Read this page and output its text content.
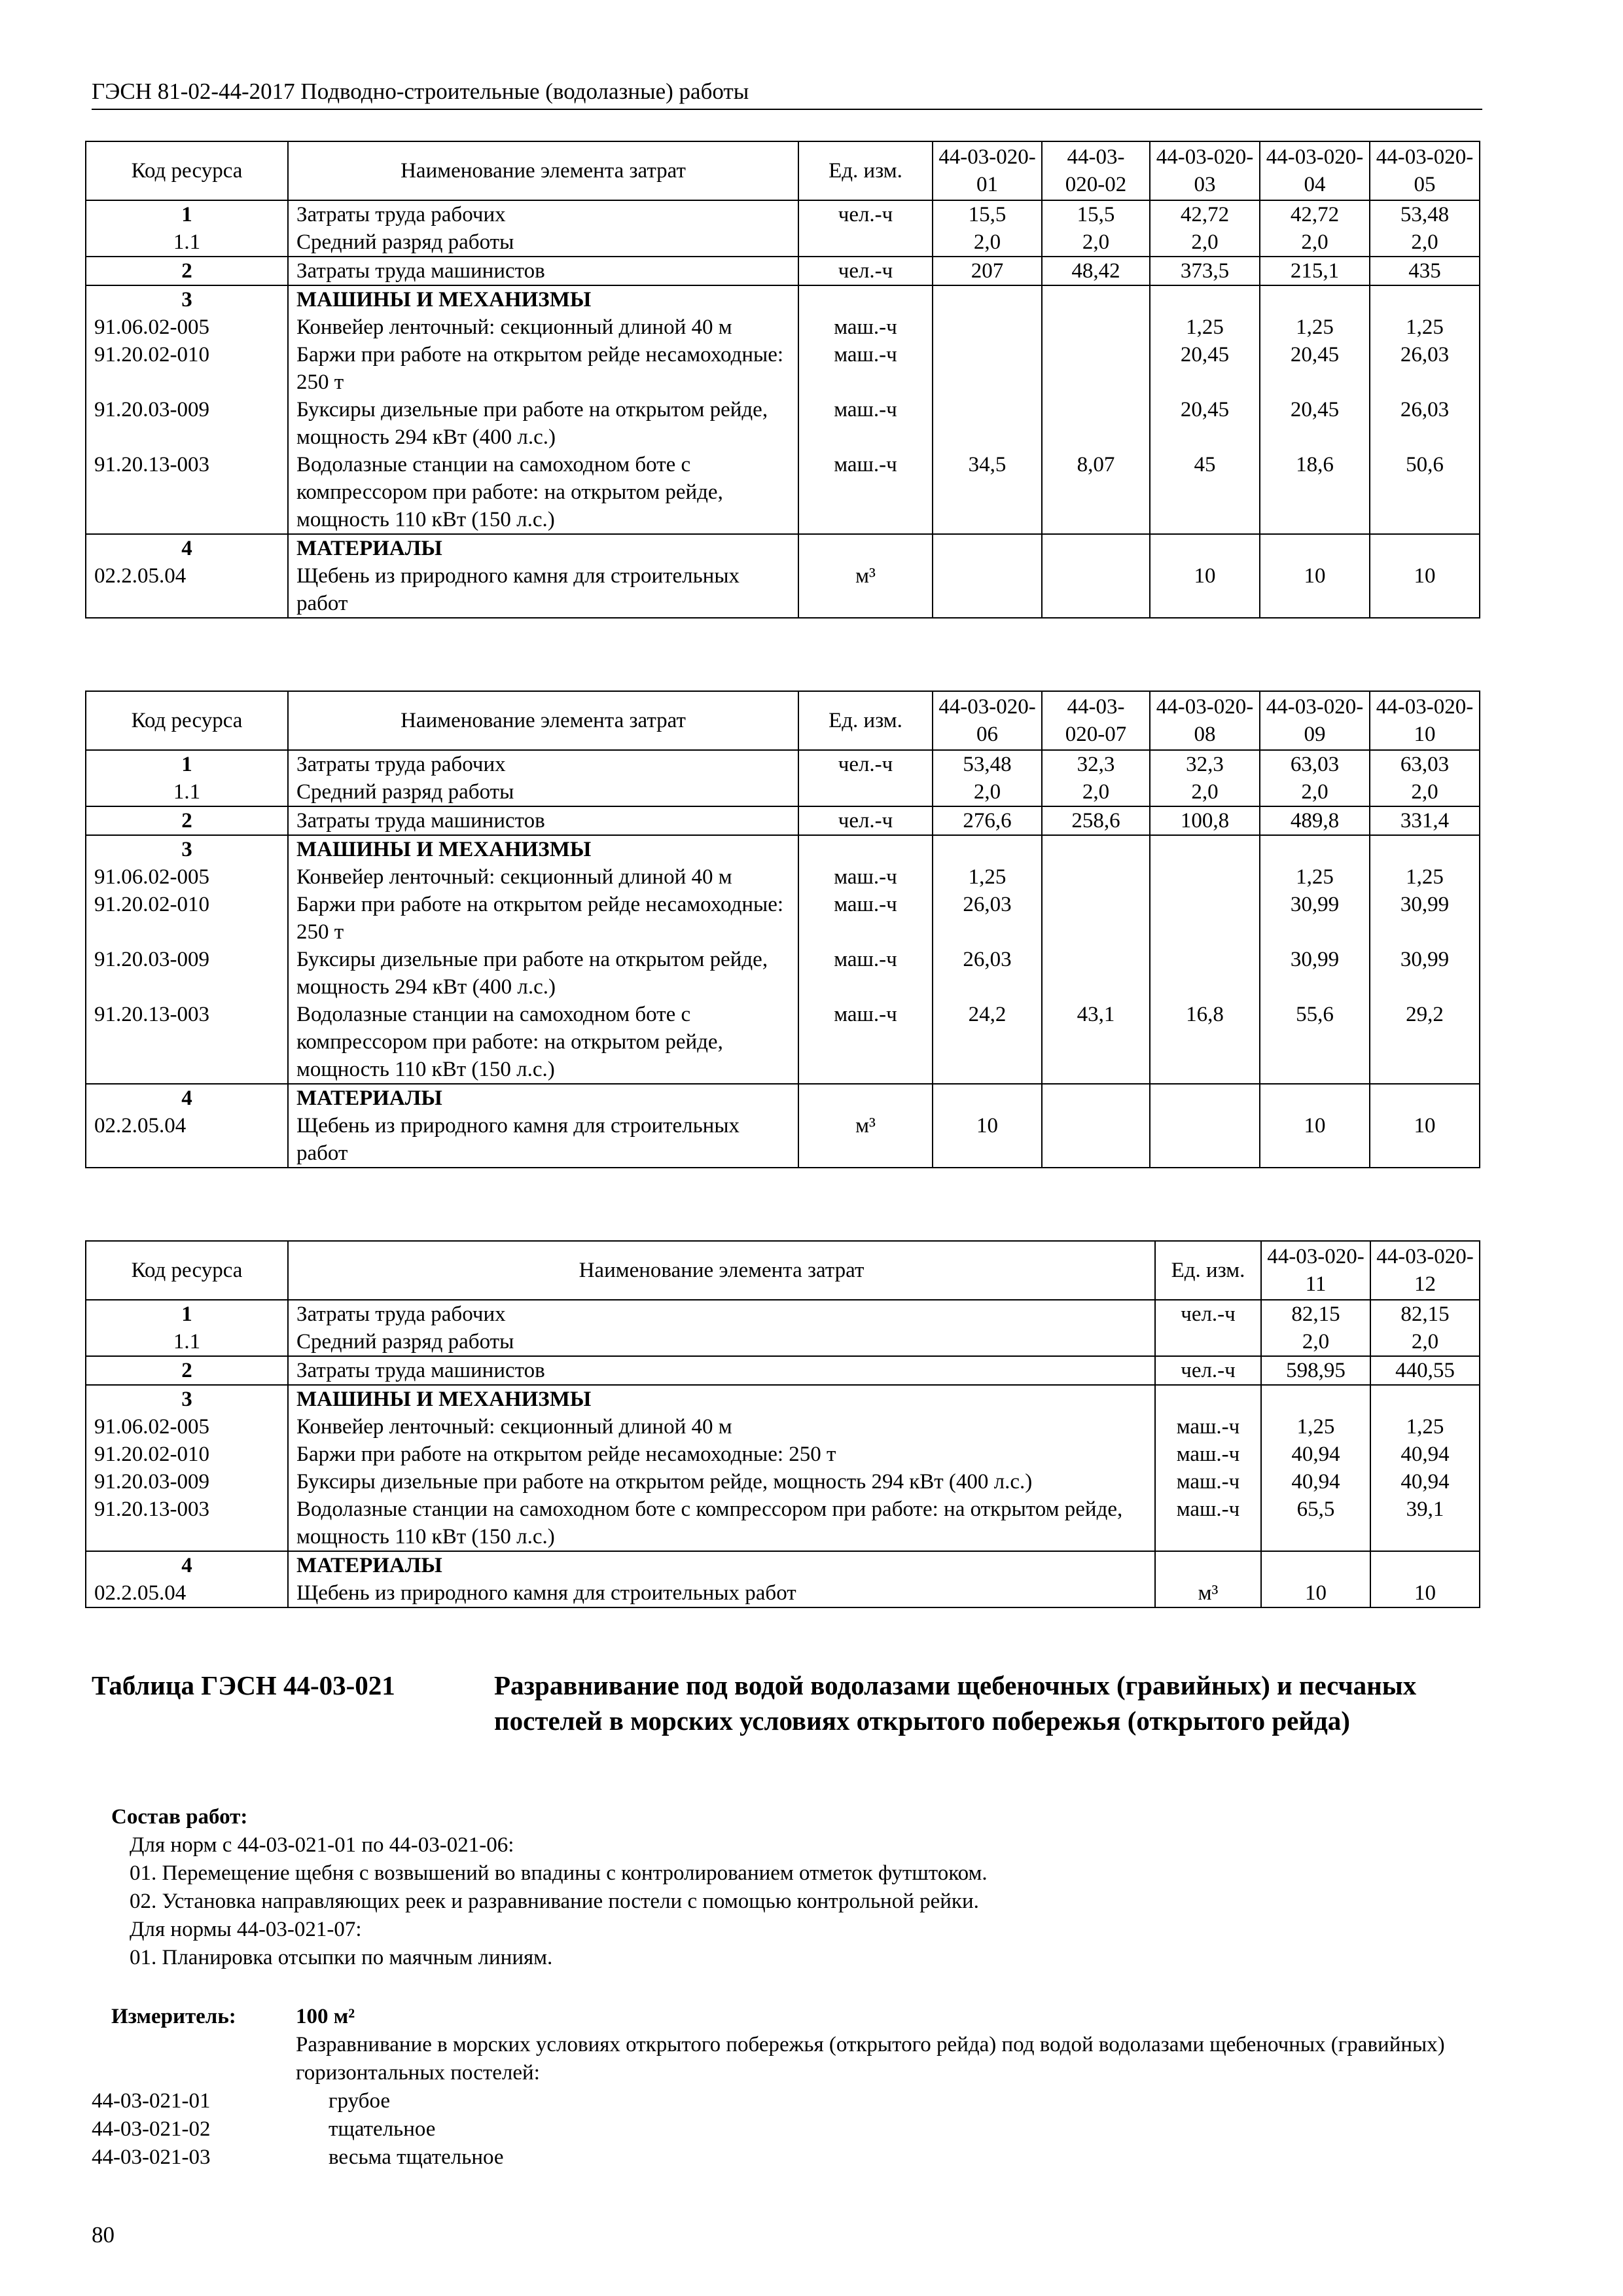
ГЭСН 81-02-44-2017 Подводно-строительные (водолазные) работы
Код ресурса	Наименование элемента затрат	Ед. изм.	44-03-020-01	44-03-020-02	44-03-020-03	44-03-020-04	44-03-020-05
1	Затраты труда рабочих	чел.-ч	15,5	15,5	42,72	42,72	53,48
1.1	Средний разряд работы		2,0	2,0	2,0	2,0	2,0
2	Затраты труда машинистов	чел.-ч	207	48,42	373,5	215,1	435
3	МАШИНЫ И МЕХАНИЗМЫ						
91.06.02-005	Конвейер ленточный: секционный длиной 40 м	маш.-ч			1,25	1,25	1,25
91.20.02-010	Баржи при работе на открытом рейде несамоходные: 250 т	маш.-ч			20,45	20,45	26,03
91.20.03-009	Буксиры дизельные при работе на открытом рейде, мощность 294 кВт (400 л.с.)	маш.-ч			20,45	20,45	26,03
91.20.13-003	Водолазные станции на самоходном боте с компрессором при работе: на открытом рейде, мощность 110 кВт (150 л.с.)	маш.-ч	34,5	8,07	45	18,6	50,6
4	МАТЕРИАЛЫ						
02.2.05.04	Щебень из природного камня для строительных работ	м³			10	10	10
Код ресурса	Наименование элемента затрат	Ед. изм.	44-03-020-06	44-03-020-07	44-03-020-08	44-03-020-09	44-03-020-10
1	Затраты труда рабочих	чел.-ч	53,48	32,3	32,3	63,03	63,03
1.1	Средний разряд работы		2,0	2,0	2,0	2,0	2,0
2	Затраты труда машинистов	чел.-ч	276,6	258,6	100,8	489,8	331,4
3	МАШИНЫ И МЕХАНИЗМЫ						
91.06.02-005	Конвейер ленточный: секционный длиной 40 м	маш.-ч	1,25			1,25	1,25
91.20.02-010	Баржи при работе на открытом рейде несамоходные: 250 т	маш.-ч	26,03			30,99	30,99
91.20.03-009	Буксиры дизельные при работе на открытом рейде, мощность 294 кВт (400 л.с.)	маш.-ч	26,03			30,99	30,99
91.20.13-003	Водолазные станции на самоходном боте с компрессором при работе: на открытом рейде, мощность 110 кВт (150 л.с.)	маш.-ч	24,2	43,1	16,8	55,6	29,2
4	МАТЕРИАЛЫ						
02.2.05.04	Щебень из природного камня для строительных работ	м³	10			10	10
Код ресурса	Наименование элемента затрат	Ед. изм.	44-03-020-11	44-03-020-12
1	Затраты труда рабочих	чел.-ч	82,15	82,15
1.1	Средний разряд работы		2,0	2,0
2	Затраты труда машинистов	чел.-ч	598,95	440,55
3	МАШИНЫ И МЕХАНИЗМЫ			
91.06.02-005	Конвейер ленточный: секционный длиной 40 м	маш.-ч	1,25	1,25
91.20.02-010	Баржи при работе на открытом рейде несамоходные: 250 т	маш.-ч	40,94	40,94
91.20.03-009	Буксиры дизельные при работе на открытом рейде, мощность 294 кВт (400 л.с.)	маш.-ч	40,94	40,94
91.20.13-003	Водолазные станции на самоходном боте с компрессором при работе: на открытом рейде, мощность 110 кВт (150 л.с.)	маш.-ч	65,5	39,1
4	МАТЕРИАЛЫ			
02.2.05.04	Щебень из природного камня для строительных работ	м³	10	10
Таблица ГЭСН 44-03-021	Разравнивание под водой водолазами щебеночных (гравийных) и песчаных постелей в морских условиях открытого побережья (открытого рейда)
Состав работ:
Для норм с 44-03-021-01 по 44-03-021-06:
01. Перемещение щебня с возвышений во впадины с контролированием отметок футштоком.
02. Установка направляющих реек и разравнивание постели с помощью контрольной рейки.
Для нормы 44-03-021-07:
01. Планировка отсыпки по маячным линиям.
Измеритель:	100 м²
Разравнивание в морских условиях открытого побережья (открытого рейда) под водой водолазами щебеночных (гравийных) горизонтальных постелей:
44-03-021-01	грубое
44-03-021-02	тщательное
44-03-021-03	весьма тщательное
80
